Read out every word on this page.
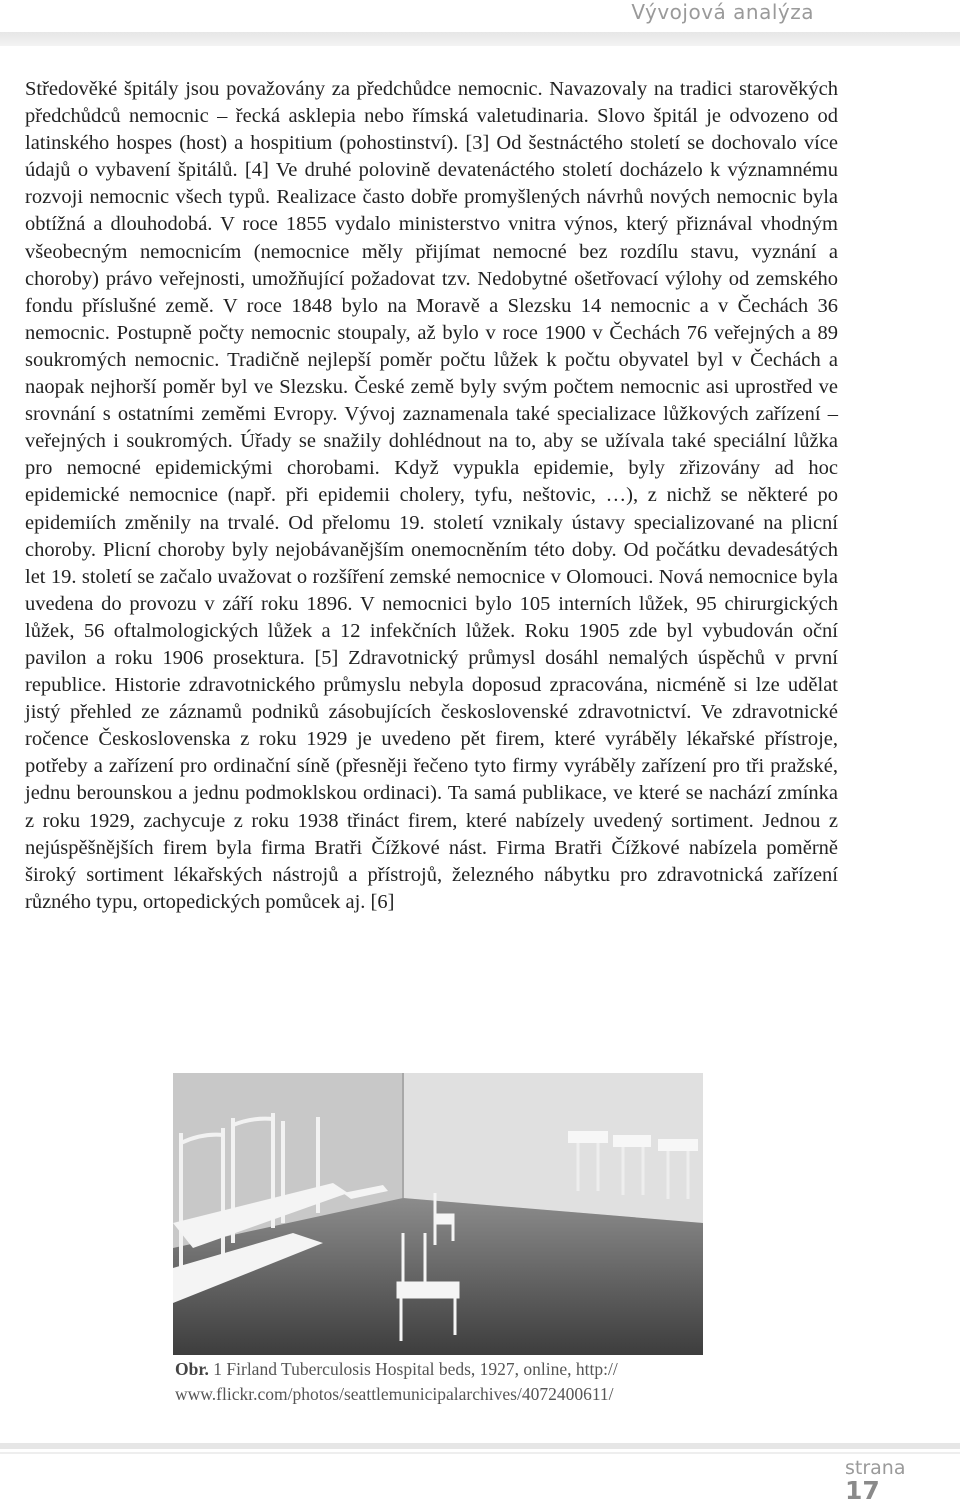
Vývojová analýza

Středověké špitály jsou považovány za předchůdce nemocnic. Navazovaly na tradici starověkých předchůdců nemocnic – řecká asklepia nebo římská valetudinaria. Slovo špitál je odvozeno od latinského hospes (host) a hospitium (pohostinství). [3] Od šestnáctého století se dochovalo více údajů o vybavení špitálů. [4] Ve druhé polovině devatenáctého století docházelo k významnému rozvoji nemocnic všech typů. Realizace často dobře promyšlených návrhů nových nemocnic byla obtížná a dlouhodobá. V roce 1855 vydalo ministerstvo vnitra výnos, který přiznával vhodným všeobecným nemocnicím (nemocnice měly přijímat nemocné bez rozdílu stavu, vyznání a choroby) právo veřejnosti, umožňující požadovat tzv. Nedobytné ošetřovací výlohy od zemského fondu příslušné země. V roce 1848 bylo na Moravě a Slezsku 14 nemocnic a v Čechách 36 nemocnic. Postupně počty nemocnic stoupaly, až bylo v roce 1900 v Čechách 76 veřejných a 89 soukromých nemocnic. Tradičně nejlepší poměr počtu lůžek k počtu obyvatel byl v Čechách a naopak nejhorší poměr byl ve Slezsku. České země byly svým počtem nemocnic asi uprostřed ve srovnání s ostatními zeměmi Evropy. Vývoj zaznamenala také specializace lůžkových zařízení – veřejných i soukromých. Úřady se snažily dohlédnout na to, aby se užívala také speciální lůžka pro nemocné epidemickými chorobami. Když vypukla epidemie, byly zřizovány ad hoc epidemické nemocnice (např. při epidemii cholery, tyfu, neštovic, …), z nichž se některé po epidemiích změnily na trvalé. Od přelomu 19. století vznikaly ústavy specializované na plicní choroby. Plicní choroby byly nejobávanějším onemocněním této doby. Od počátku devadesátých let 19. století se začalo uvažovat o rozšíření zemské nemocnice v Olomouci. Nová nemocnice byla uvedena do provozu v září roku 1896. V nemocnici bylo 105 interních lůžek, 95 chirurgických lůžek, 56 oftalmologických lůžek a 12 infekčních lůžek. Roku 1905 zde byl vybudován oční pavilon a roku 1906 prosektura. [5] Zdravotnický průmysl dosáhl nemalých úspěchů v první republice. Historie zdravotnického průmyslu nebyla doposud zpracována, nicméně si lze udělat jistý přehled ze záznamů podniků zásobujících československé zdravotnictví. Ve zdravotnické ročence Československa z roku 1929 je uvedeno pět firem, které vyráběly lékařské přístroje, potřeby a zařízení pro ordinační síně (přesněji řečeno tyto firmy vyráběly zařízení pro tři pražské, jednu berounskou a jednu podmoklskou ordinaci). Ta samá publikace, ve které se nachází zmínka z roku 1929, zachycuje z roku 1938 třináct firem, které nabízely uvedený sortiment. Jednou z nejúspěšnějších firem byla firma Bratři Čížkové nást. Firma Bratři Čížkové nabízela poměrně široký sortiment lékařských nástrojů a přístrojů, železného nábytku pro zdravotnická zařízení různého typu, ortopedických pomůcek aj. [6]

Obr. 1 Firland Tuberculosis Hospital beds, 1927, online, http:// www.flickr.com/photos/seattlemunicipalarchives/4072400611/
strana
17
